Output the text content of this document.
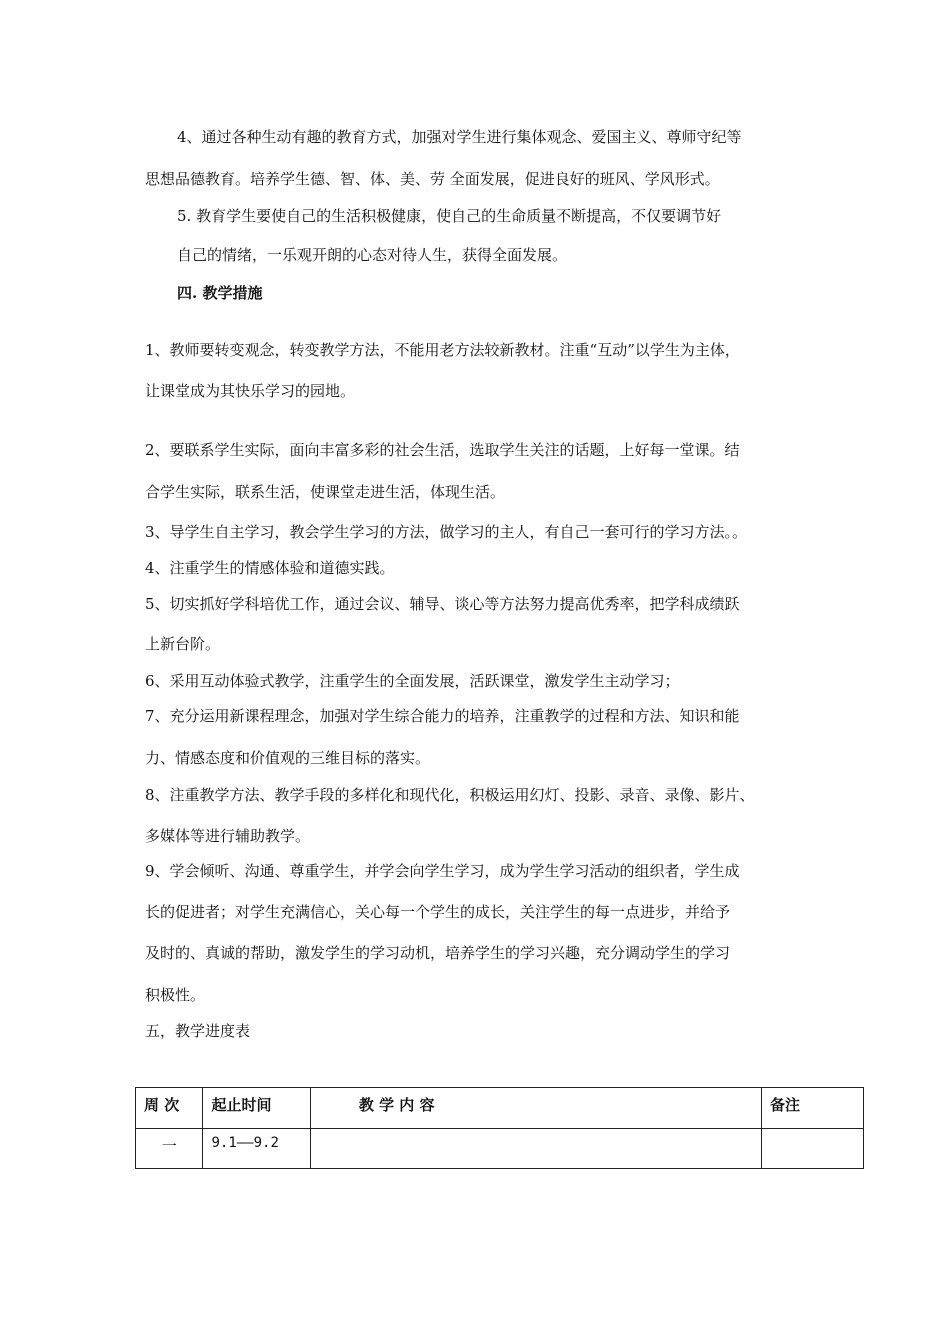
4、通过各种生动有趣的教育方式，加强对学生进行集体观念、爱国主义、尊师守纪等
思想品德教育。培养学生德、智、体、美、劳 全面发展，促进良好的班风、学风形式。
5. 教育学生要使自己的生活积极健康，使自己的生命质量不断提高，不仅要调节好
自己的情绪，一乐观开朗的心态对待人生，获得全面发展。
四. 教学措施
1、教师要转变观念，转变教学方法，不能用老方法较新教材。注重“互动”以学生为主体，
让课堂成为其快乐学习的园地。
2、要联系学生实际，面向丰富多彩的社会生活，选取学生关注的话题，上好每一堂课。结
合学生实际，联系生活，使课堂走进生活，体现生活。
3、导学生自主学习，教会学生学习的方法，做学习的主人，有自己一套可行的学习方法。。
4、注重学生的情感体验和道德实践。
5、切实抓好学科培优工作，通过会议、辅导、谈心等方法努力提高优秀率，把学科成绩跃
上新台阶。
6、采用互动体验式教学，注重学生的全面发展，活跃课堂，激发学生主动学习；
7、充分运用新课程理念，加强对学生综合能力的培养，注重教学的过程和方法、知识和能
力、情感态度和价值观的三维目标的落实。
8、注重教学方法、教学手段的多样化和现代化，积极运用幻灯、投影、录音、录像、影片、
多媒体等进行辅助教学。
9、学会倾听、沟通、尊重学生，并学会向学生学习，成为学生学习活动的组织者，学生成
长的促进者；对学生充满信心，关心每一个学生的成长，关注学生的每一点进步，并给予
及时的、真诚的帮助，激发学生的学习动机，培养学生的学习兴趣，充分调动学生的学习
积极性。
五，教学进度表
周 次	起止时间	教 学 内 容	备注
一	9.1——9.2		
